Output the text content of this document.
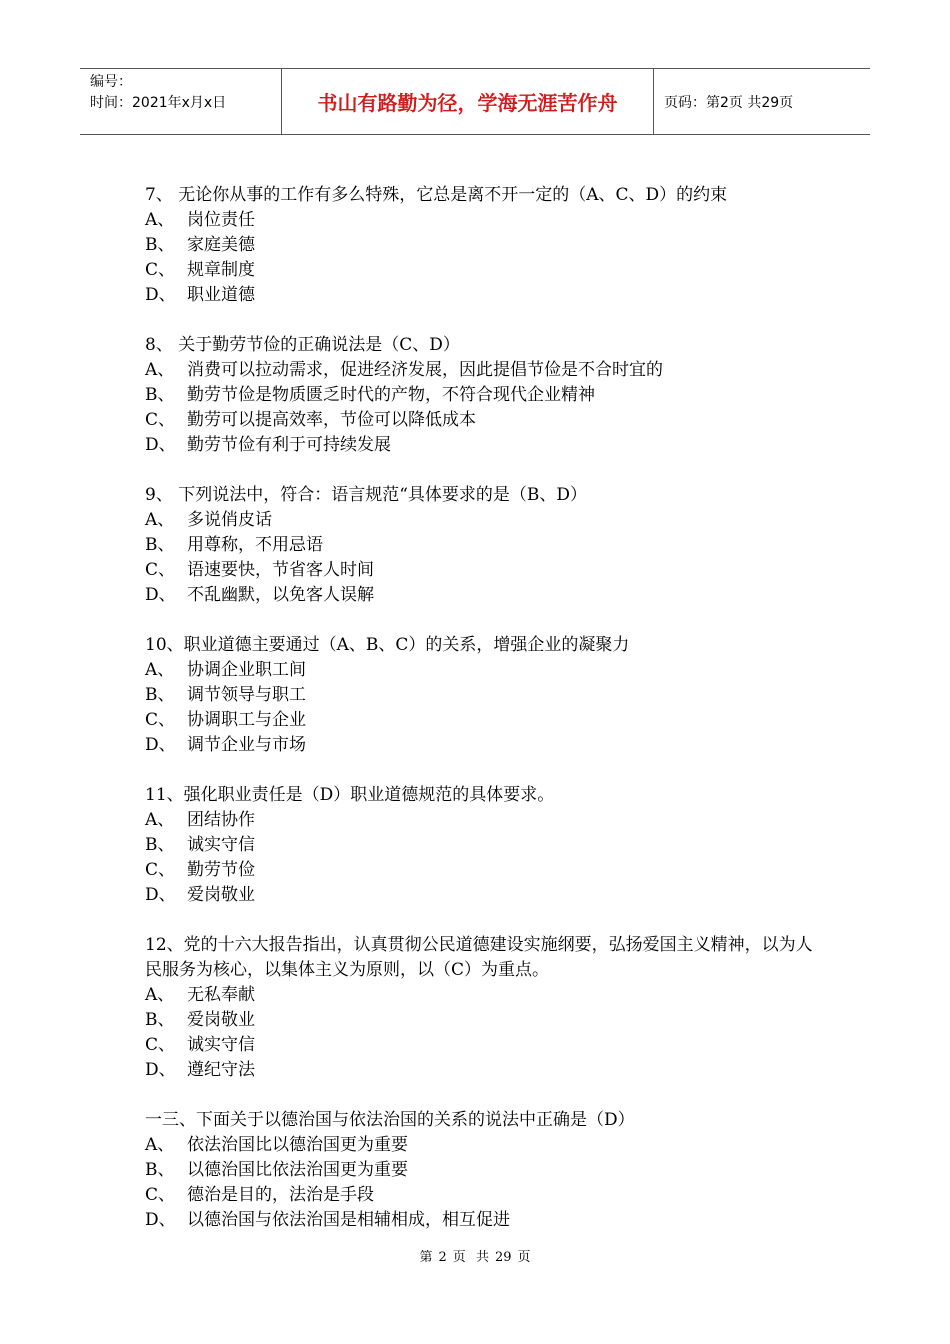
编号：
时间：2021年x月x日	书山有路勤为径，学海无涯苦作舟	页码：第2页 共29页
7、 无论你从事的工作有多么特殊，它总是离不开一定的（A、C、D）的约束
A、 岗位责任
B、 家庭美德
C、 规章制度
D、 职业道德
8、 关于勤劳节俭的正确说法是（C、D）
A、 消费可以拉动需求，促进经济发展，因此提倡节俭是不合时宜的
B、 勤劳节俭是物质匮乏时代的产物，不符合现代企业精神
C、 勤劳可以提高效率，节俭可以降低成本
D、 勤劳节俭有利于可持续发展
9、 下列说法中，符合：语言规范“具体要求的是（B、D）
A、 多说俏皮话
B、 用尊称，不用忌语
C、 语速要快，节省客人时间
D、 不乱幽默，以免客人误解
10、职业道德主要通过（A、B、C）的关系，增强企业的凝聚力
A、 协调企业职工间
B、 调节领导与职工
C、 协调职工与企业
D、 调节企业与市场
11、强化职业责任是（D）职业道德规范的具体要求。
A、 团结协作
B、 诚实守信
C、 勤劳节俭
D、 爱岗敬业
12、党的十六大报告指出，认真贯彻公民道德建设实施纲要，弘扬爱国主义精神，以为人民服务为核心，以集体主义为原则，以（C）为重点。
A、 无私奉献
B、 爱岗敬业
C、 诚实守信
D、 遵纪守法
一三、下面关于以德治国与依法治国的关系的说法中正确是（D）
A、 依法治国比以德治国更为重要
B、 以德治国比依法治国更为重要
C、 德治是目的，法治是手段
D、 以德治国与依法治国是相辅相成，相互促进
第 2 页 共 29 页
